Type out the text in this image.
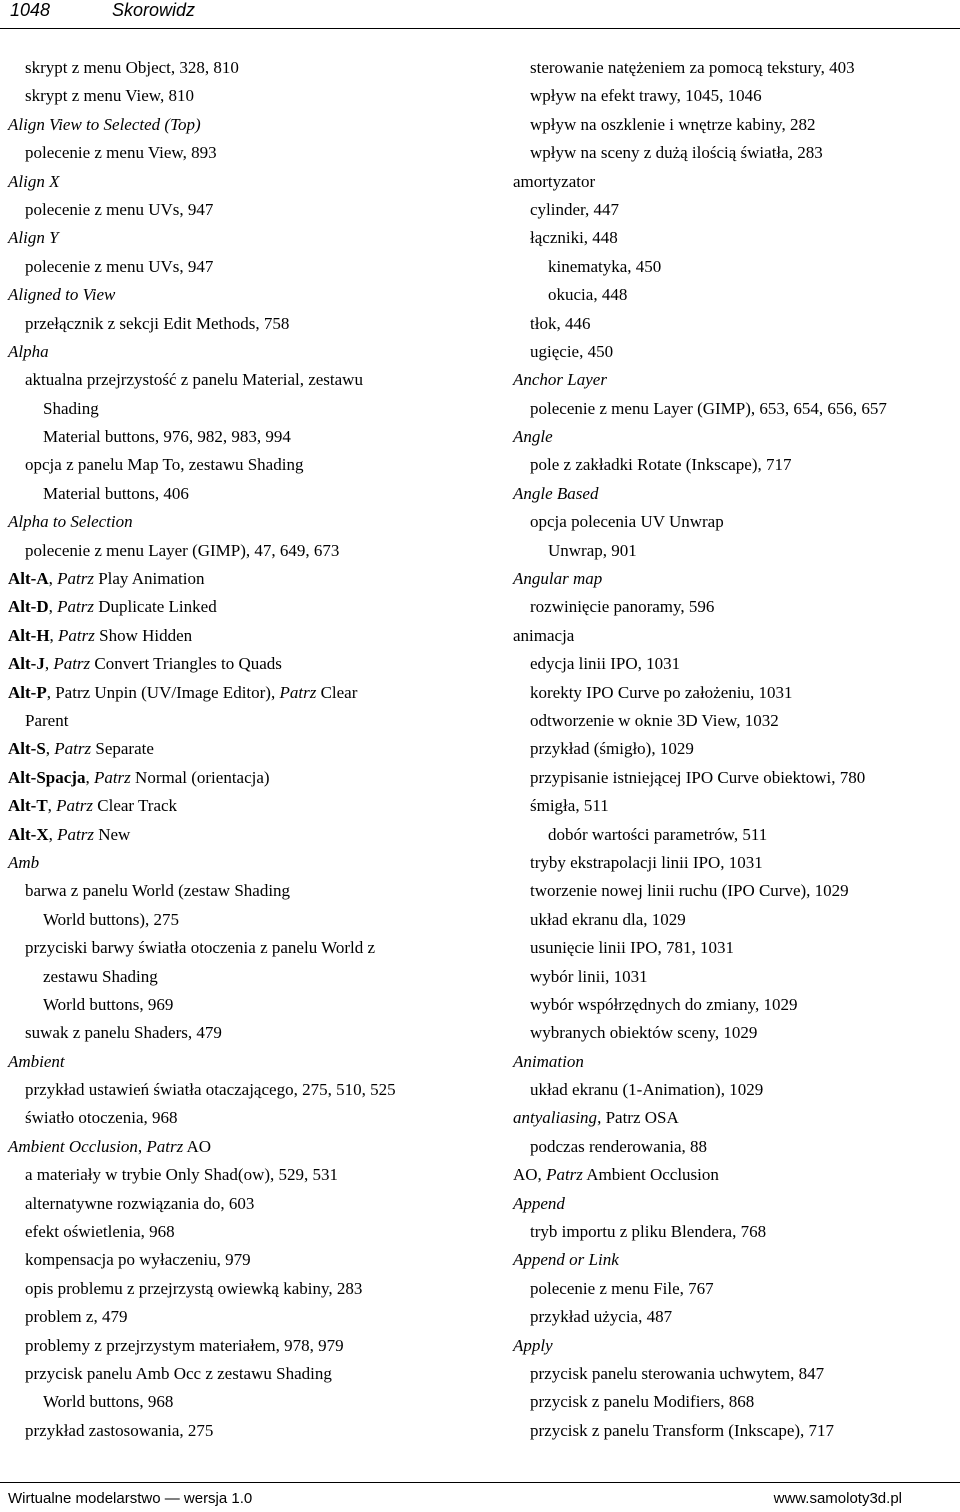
1048	Skorowidz
skrypt z menu Object, 328, 810
skrypt z menu View, 810
Align View to Selected (Top)
polecenie z menu View, 893
Align X
polecenie z menu UVs, 947
Align Y
polecenie z menu UVs, 947
Aligned to View
przełącznik z sekcji Edit Methods, 758
Alpha
aktualna przejrzystość z panelu Material, zestawu
Shading
Material buttons, 976, 982, 983, 994
opcja z panelu Map To, zestawu Shading
Material buttons, 406
Alpha to Selection
polecenie z menu Layer (GIMP), 47, 649, 673
Alt-A, Patrz Play Animation
Alt-D, Patrz Duplicate Linked
Alt-H, Patrz Show Hidden
Alt-J, Patrz Convert Triangles to Quads
Alt-P, Patrz Unpin (UV/Image Editor), Patrz Clear
Parent
Alt-S, Patrz Separate
Alt-Spacja, Patrz Normal (orientacja)
Alt-T, Patrz Clear Track
Alt-X, Patrz New
Amb
barwa z panelu World (zestaw Shading
World buttons), 275
przyciski barwy światła otoczenia z panelu World z
zestawu Shading
World buttons, 969
suwak z panelu Shaders, 479
Ambient
przykład ustawień światła otaczającego, 275, 510, 525
światło otoczenia, 968
Ambient Occlusion, Patrz AO
a materiały w trybie Only Shad(ow), 529, 531
alternatywne rozwiązania do, 603
efekt oświetlenia, 968
kompensacja po wyłaczeniu, 979
opis problemu z przejrzystą owiewką kabiny, 283
problem z, 479
problemy z przejrzystym materiałem, 978, 979
przycisk panelu Amb Occ z zestawu Shading
World buttons, 968
przykład zastosowania, 275
sterowanie natężeniem za pomocą tekstury, 403
wpływ na efekt trawy, 1045, 1046
wpływ na oszklenie i wnętrze kabiny, 282
wpływ na sceny z dużą ilością światła, 283
amortyzator
cylinder, 447
łączniki, 448
kinematyka, 450
okucia, 448
tłok, 446
ugięcie, 450
Anchor Layer
polecenie z menu Layer (GIMP), 653, 654, 656, 657
Angle
pole z zakładki Rotate (Inkscape), 717
Angle Based
opcja polecenia UV Unwrap
Unwrap, 901
Angular map
rozwinięcie panoramy, 596
animacja
edycja linii IPO, 1031
korekty IPO Curve po założeniu, 1031
odtworzenie w oknie 3D View, 1032
przykład (śmigło), 1029
przypisanie istniejącej IPO Curve obiektowi, 780
śmigła, 511
dobór wartości parametrów, 511
tryby ekstrapolacji linii IPO, 1031
tworzenie nowej linii ruchu (IPO Curve), 1029
układ ekranu dla, 1029
usunięcie linii IPO, 781, 1031
wybór linii, 1031
wybór współrzędnych do zmiany, 1029
wybranych obiektów sceny, 1029
Animation
układ ekranu (1-Animation), 1029
antyaliasing, Patrz OSA
podczas renderowania, 88
AO, Patrz Ambient Occlusion
Append
tryb importu z pliku Blendera, 768
Append or Link
polecenie z menu File, 767
przykład użycia, 487
Apply
przycisk panelu sterowania uchwytem, 847
przycisk z panelu Modifiers, 868
przycisk z panelu Transform (Inkscape), 717
Wirtualne modelarstwo — wersja 1.0	www.samoloty3d.pl
